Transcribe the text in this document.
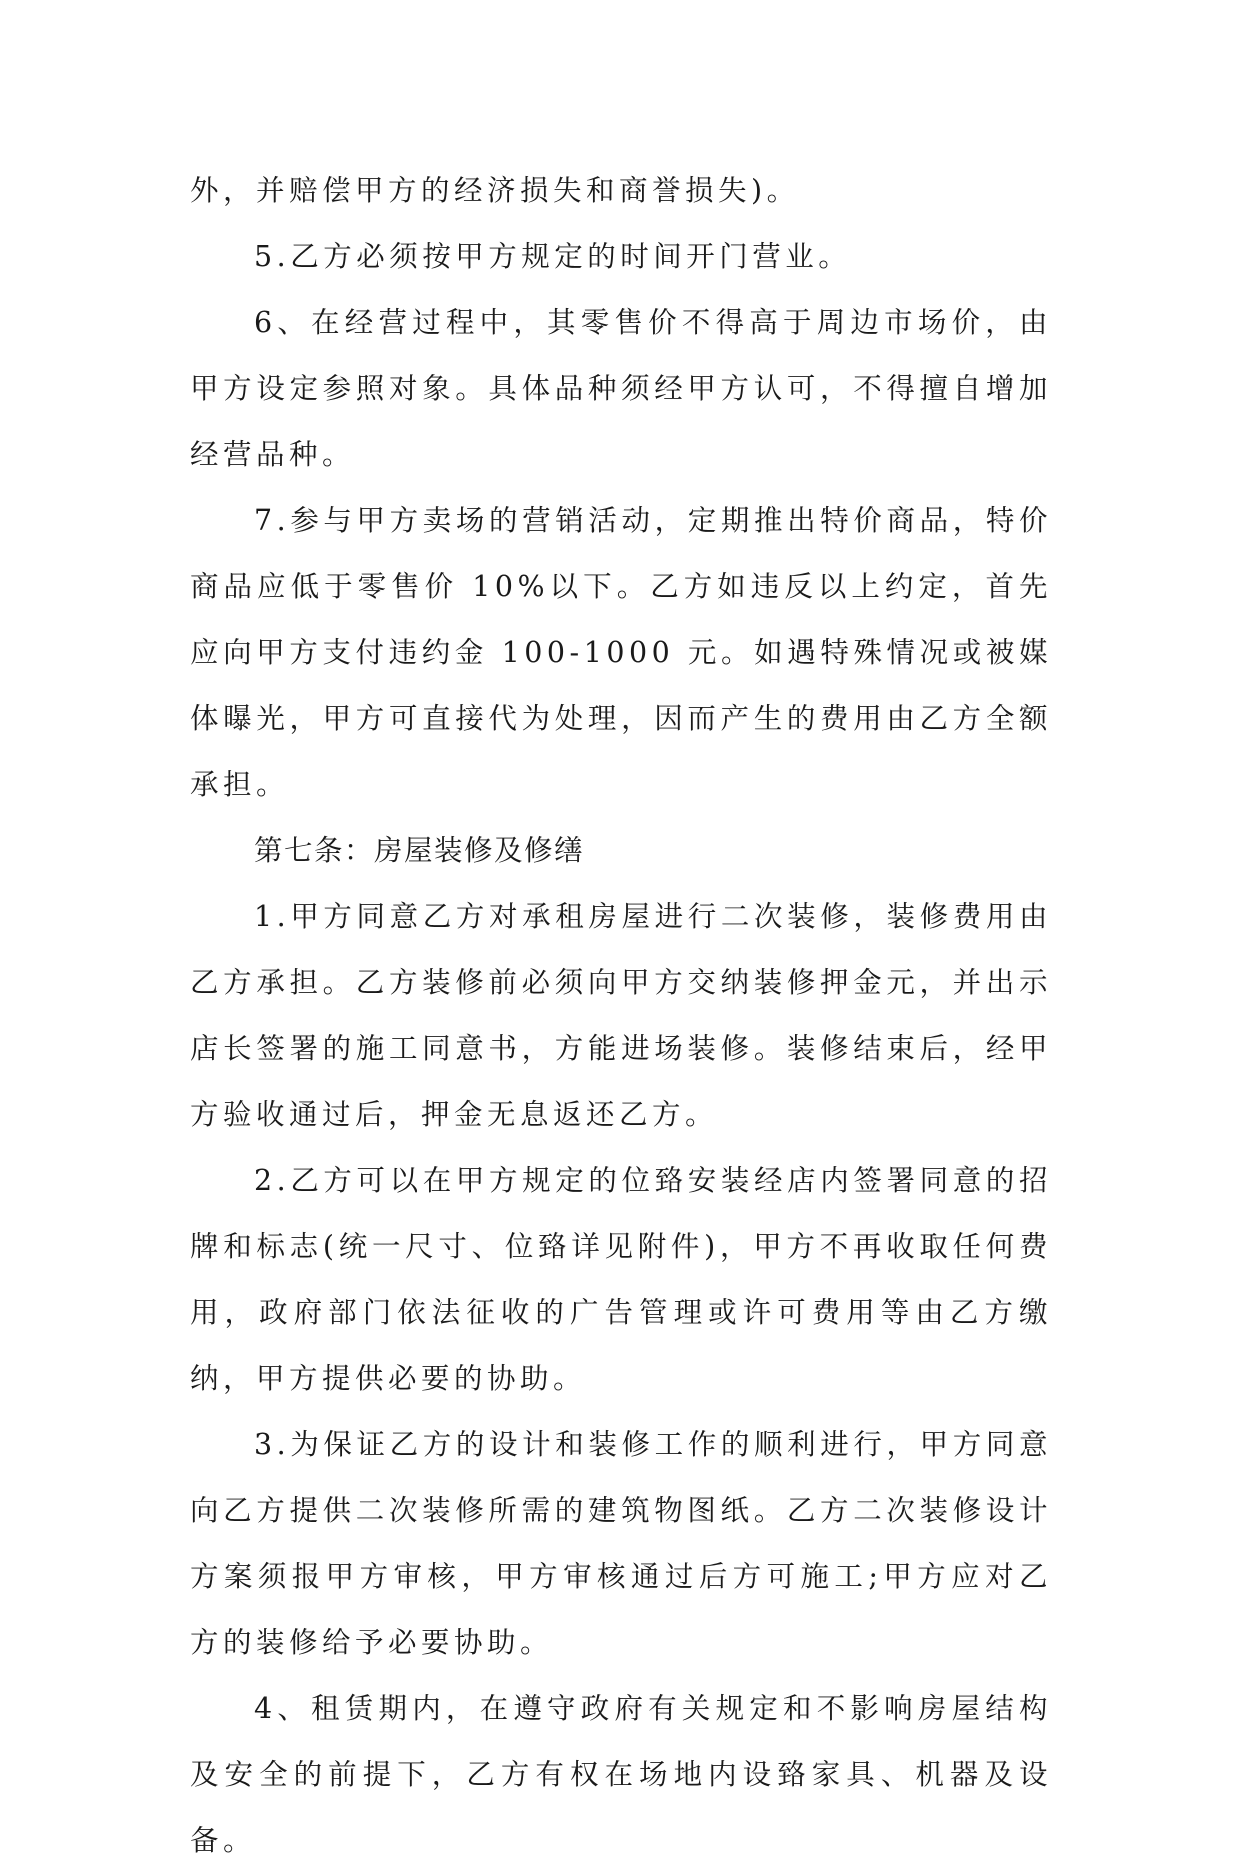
外，并赔偿甲方的经济损失和商誉损失)。

5.乙方必须按甲方规定的时间开门营业。

6、在经营过程中，其零售价不得高于周边市场价，由甲方设定参照对象。具体品种须经甲方认可，不得擅自增加经营品种。

7.参与甲方卖场的营销活动，定期推出特价商品，特价商品应低于零售价 10%以下。乙方如违反以上约定，首先应向甲方支付违约金 100-1000 元。如遇特殊情况或被媒体曝光，甲方可直接代为处理，因而产生的费用由乙方全额承担。

第七条：房屋装修及修缮

1.甲方同意乙方对承租房屋进行二次装修，装修费用由乙方承担。乙方装修前必须向甲方交纳装修押金元，并出示店长签署的施工同意书，方能进场装修。装修结束后，经甲方验收通过后，押金无息返还乙方。

2.乙方可以在甲方规定的位臵安装经店内签署同意的招牌和标志(统一尺寸、位臵详见附件)，甲方不再收取任何费用，政府部门依法征收的广告管理或许可费用等由乙方缴纳，甲方提供必要的协助。

3.为保证乙方的设计和装修工作的顺利进行，甲方同意向乙方提供二次装修所需的建筑物图纸。乙方二次装修设计方案须报甲方审核，甲方审核通过后方可施工;甲方应对乙方的装修给予必要协助。

4、租赁期内，在遵守政府有关规定和不影响房屋结构及安全的前提下，乙方有权在场地内设臵家具、机器及设备。
